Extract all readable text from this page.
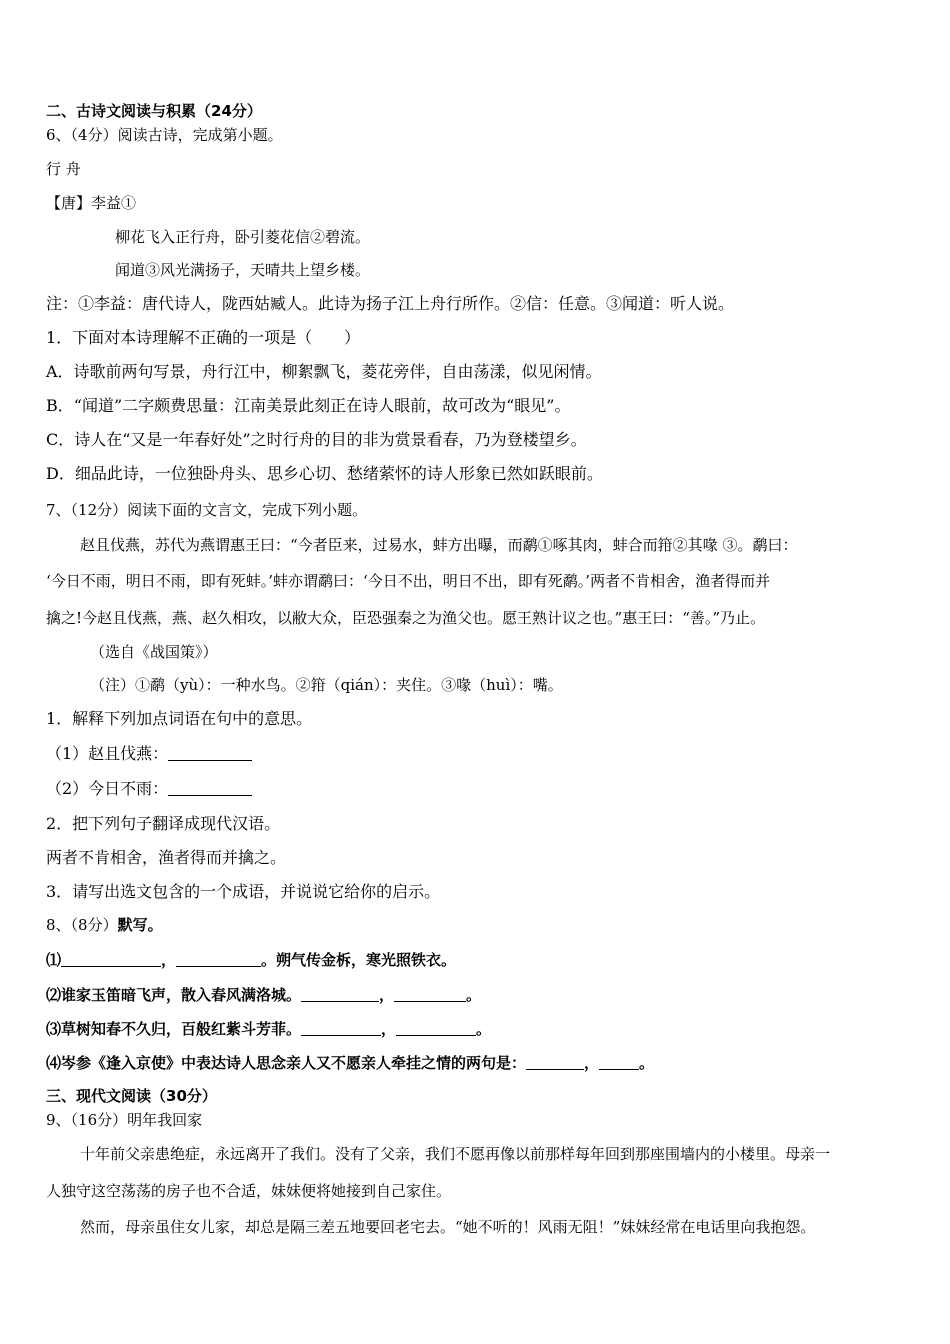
二、古诗文阅读与积累（24分）
6、（4分）阅读古诗，完成第小题。
行 舟
【唐】李益①
柳花飞入正行舟，卧引菱花信②碧流。
闻道③风光满扬子，天晴共上望乡楼。
注：①李益：唐代诗人，陇西姑臧人。此诗为扬子江上舟行所作。②信：任意。③闻道：听人说。
1．下面对本诗理解不正确的一项是（　　）
A．诗歌前两句写景，舟行江中，柳絮飘飞，菱花旁伴，自由荡漾，似见闲情。
B．“闻道”二字颇费思量：江南美景此刻正在诗人眼前，故可改为“眼见”。
C．诗人在“又是一年春好处”之时行舟的目的非为赏景看春，乃为登楼望乡。
D．细品此诗，一位独卧舟头、思乡心切、愁绪萦怀的诗人形象已然如跃眼前。
7、（12分）阅读下面的文言文，完成下列小题。
赵且伐燕，苏代为燕谓惠王曰：“今者臣来，过易水，蚌方出曝，而鹬①啄其肉，蚌合而箝②其喙 ③。鹬曰：
‘今日不雨，明日不雨，即有死蚌。’蚌亦谓鹬曰：‘今日不出，明日不出，即有死鹬。’两者不肯相舍，渔者得而并
擒之!今赵且伐燕，燕、赵久相攻，以敝大众，臣恐强秦之为渔父也。愿王熟计议之也。”惠王曰：“善。”乃止。
（选自《战国策》）
（注）①鹬（yù）：一种水鸟。②箝（qián）：夹住。③喙（huì）：嘴。
1．解释下列加点词语在句中的意思。
（1）赵且伐燕：
（2）今日不雨：
2．把下列句子翻译成现代汉语。
两者不肯相舍，渔者得而并擒之。
3．请写出选文包含的一个成语，并说说它给你的启示。
8、（8分）默写。
⑴	，	。朔气传金柝，寒光照铁衣。
⑵谁家玉笛暗飞声，散入春风满洛城。	，	。
⑶草树知春不久归，百般红紫斗芳菲。	，	。
⑷岑参《逢入京使》中表达诗人思念亲人又不愿亲人牵挂之情的两句是：	，	。
三、现代文阅读（30分）
9、（16分）明年我回家
十年前父亲患绝症，永远离开了我们。没有了父亲，我们不愿再像以前那样每年回到那座围墙内的小楼里。母亲一
人独守这空荡荡的房子也不合适，妹妹便将她接到自己家住。
然而，母亲虽住女儿家，却总是隔三差五地要回老宅去。“她不听的！风雨无阻！”妹妹经常在电话里向我抱怨。
